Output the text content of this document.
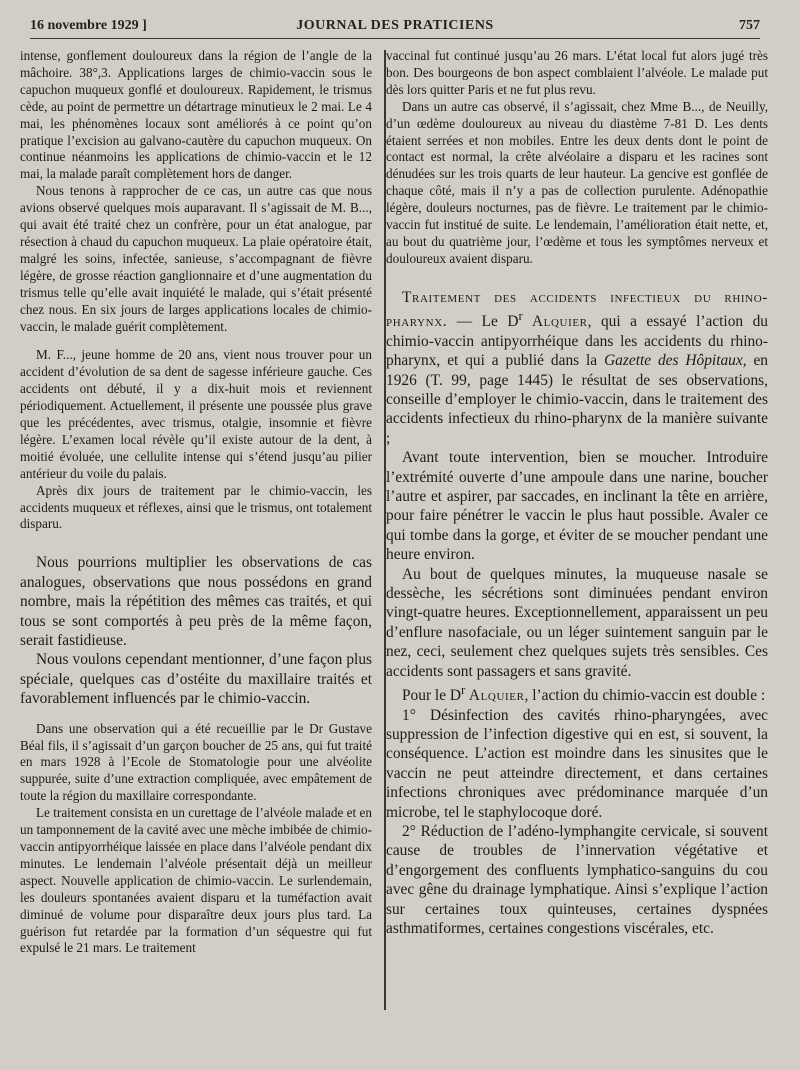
16 novembre 1929 ]	JOURNAL DES PRATICIENS	757

intense, gonflement douloureux dans la région de l’angle de la mâchoire. 38°,3. Applications larges de chimio-vaccin sous le capuchon muqueux gonflé et douloureux. Rapidement, le trismus cède, au point de permettre un détartrage minutieux le 2 mai. Le 4 mai, les phénomènes locaux sont améliorés à ce point qu’on pratique l’excision au galvano-cautère du capuchon muqueux. On continue néanmoins les applications de chimio-vaccin et le 12 mai, la malade paraît complètement hors de danger.

Nous tenons à rapprocher de ce cas, un autre cas que nous avions observé quelques mois auparavant. Il s’agissait de M. B..., qui avait été traité chez un confrère, pour un état analogue, par résection à chaud du capuchon muqueux. La plaie opératoire était, malgré les soins, infectée, sanieuse, s’accompagnant de fièvre légère, de grosse réaction ganglionnaire et d’une augmentation du trismus telle qu’elle avait inquiété le malade, qui s’était présenté chez nous. En six jours de larges applications locales de chimio-vaccin, le malade guérit complètement.

M. F..., jeune homme de 20 ans, vient nous trouver pour un accident d’évolution de sa dent de sagesse inférieure gauche. Ces accidents ont débuté, il y a dix-huit mois et reviennent périodiquement. Actuellement, il présente une poussée plus grave que les précédentes, avec trismus, otalgie, insomnie et fièvre légère. L’examen local révèle qu’il existe autour de la dent, à moitié évoluée, une cellulite intense qui s’étend jusqu’au pilier antérieur du voile du palais.

Après dix jours de traitement par le chimio-vaccin, les accidents muqueux et réflexes, ainsi que le trismus, ont totalement disparu.

Nous pourrions multiplier les observations de cas analogues, observations que nous possédons en grand nombre, mais la répétition des mêmes cas traités, et qui tous se sont comportés à peu près de la même façon, serait fastidieuse.

Nous voulons cependant mentionner, d’une façon plus spéciale, quelques cas d’ostéite du maxillaire traités et favorablement influencés par le chimio-vaccin.

Dans une observation qui a été recueillie par le Dr Gustave Béal fils, il s’agissait d’un garçon boucher de 25 ans, qui fut traité en mars 1928 à l’Ecole de Stomatologie pour une alvéolite suppurée, suite d’une extraction compliquée, avec empâtement de toute la région du maxillaire correspondante.

Le traitement consista en un curettage de l’alvéole malade et en un tamponnement de la cavité avec une mèche imbibée de chimio-vaccin antipyorrhéique laissée en place dans l’alvéole pendant dix minutes. Le lendemain l’alvéole présentait déjà un meilleur aspect. Nouvelle application de chimio-vaccin. Le surlendemain, les douleurs spontanées avaient disparu et la tuméfaction avait diminué de volume pour disparaître deux jours plus tard. La guérison fut retardée par la formation d’un séquestre qui fut expulsé le 21 mars. Le traitement

vaccinal fut continué jusqu’au 26 mars. L’état local fut alors jugé très bon. Des bourgeons de bon aspect comblaient l’alvéole. Le malade put dès lors quitter Paris et ne fut plus revu.

Dans un autre cas observé, il s’agissait, chez Mme B..., de Neuilly, d’un œdème douloureux au niveau du diastème 7-81 D. Les dents étaient serrées et non mobiles. Entre les deux dents dont le point de contact est normal, la crête alvéolaire a disparu et les racines sont dénudées sur les trois quarts de leur hauteur. La gencive est gonflée de chaque côté, mais il n’y a pas de collection purulente. Adénopathie légère, douleurs nocturnes, pas de fièvre. Le traitement par le chimio-vaccin fut institué de suite. Le lendemain, l’amélioration était nette, et, au bout du quatrième jour, l’œdème et tous les symptômes nerveux et douloureux avaient disparu.

Traitement des accidents infectieux du rhino-pharynx. — Le $D^r$ Alquier, qui a essayé l’action du chimio-vaccin antipyorrhéique dans les accidents du rhino-pharynx, et qui a publié dans la Gazette des Hôpitaux, en 1926 (T. 99, page 1445) le résultat de ses observations, conseille d’employer le chimio-vaccin, dans le traitement des accidents infectieux du rhino-pharynx de la manière suivante ;

Avant toute intervention, bien se moucher. Introduire l’extrémité ouverte d’une ampoule dans une narine, boucher l’autre et aspirer, par saccades, en inclinant la tête en arrière, pour faire pénétrer le vaccin le plus haut possible. Avaler ce qui tombe dans la gorge, et éviter de se moucher pendant une heure environ.

Au bout de quelques minutes, la muqueuse nasale se dessèche, les sécrétions sont diminuées pendant environ vingt-quatre heures. Exceptionnellement, apparaissent un peu d’enflure nasofaciale, ou un léger suintement sanguin par le nez, ceci, seulement chez quelques sujets très sensibles. Ces accidents sont passagers et sans gravité.

Pour le $D^r$ Alquier, l’action du chimio-vaccin est double :

1° Désinfection des cavités rhino-pharyngées, avec suppression de l’infection digestive qui en est, si souvent, la conséquence. L’action est moindre dans les sinusites que le vaccin ne peut atteindre directement, et dans certaines infections chroniques avec prédominance marquée d’un microbe, tel le staphylocoque doré.

2° Réduction de l’adéno-lymphangite cervicale, si souvent cause de troubles de l’innervation végétative et d’engorgement des confluents lymphatico-sanguins du cou avec gêne du drainage lymphatique. Ainsi s’explique l’action sur certaines toux quinteuses, certaines dyspnées asthmatiformes, certaines congestions viscérales, etc.
